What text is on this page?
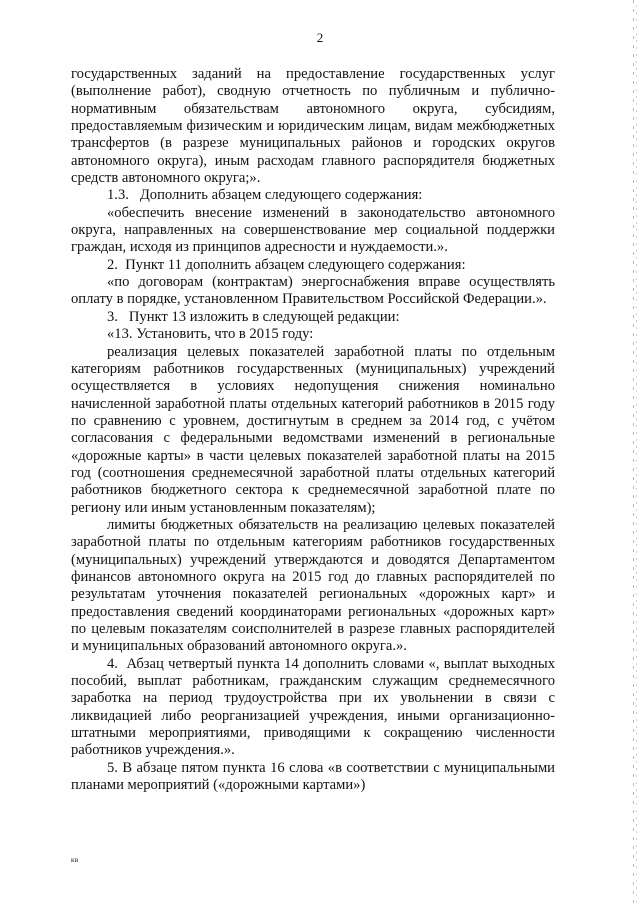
2

государственных заданий на предоставление государственных услуг (выполнение работ), сводную отчетность по публичным и публично-нормативным обязательствам автономного округа, субсидиям, предоставляемым физическим и юридическим лицам, видам межбюджетных трансфертов (в разрезе муниципальных районов и городских округов автономного округа), иным расходам главного распорядителя бюджетных средств автономного округа;».

1.3.   Дополнить абзацем следующего содержания:

«обеспечить внесение изменений в законодательство автономного округа, направленных на совершенствование мер социальной поддержки граждан, исходя из принципов адресности и нуждаемости.».

2.  Пункт 11 дополнить абзацем следующего содержания:

«по договорам (контрактам) энергоснабжения вправе осуществлять оплату в порядке, установленном Правительством Российской Федерации.».

3.   Пункт 13 изложить в следующей редакции:

«13. Установить, что в 2015 году:

реализация целевых показателей заработной платы по отдельным категориям работников государственных (муниципальных) учреждений осуществляется в условиях недопущения снижения номинально начисленной заработной платы отдельных категорий работников в 2015 году по сравнению с уровнем, достигнутым в среднем за 2014 год, с учётом согласования с федеральными ведомствами изменений в региональные «дорожные карты» в части целевых показателей заработной платы на 2015 год (соотношения среднемесячной заработной платы отдельных категорий работников бюджетного сектора к среднемесячной заработной плате по региону или иным установленным показателям);

лимиты бюджетных обязательств на реализацию целевых показателей заработной платы по отдельным категориям работников государственных (муниципальных) учреждений утверждаются и доводятся Департаментом финансов автономного округа на 2015 год до главных распорядителей по результатам уточнения показателей региональных «дорожных карт» и предоставления сведений координаторами региональных «дорожных карт» по целевым показателям соисполнителей в разрезе главных распорядителей и муниципальных образований автономного округа.».

4.  Абзац четвертый пункта 14 дополнить словами «, выплат выходных пособий, выплат работникам, гражданским служащим среднемесячного заработка на период трудоустройства при их увольнении в связи с ликвидацией либо реорганизацией учреждения, иными организационно-штатными мероприятиями, приводящими к сокращению численности работников учреждения.».

5. В абзаце пятом пункта 16 слова «в соответствии с муниципальными планами мероприятий («дорожными картами»)

кв
